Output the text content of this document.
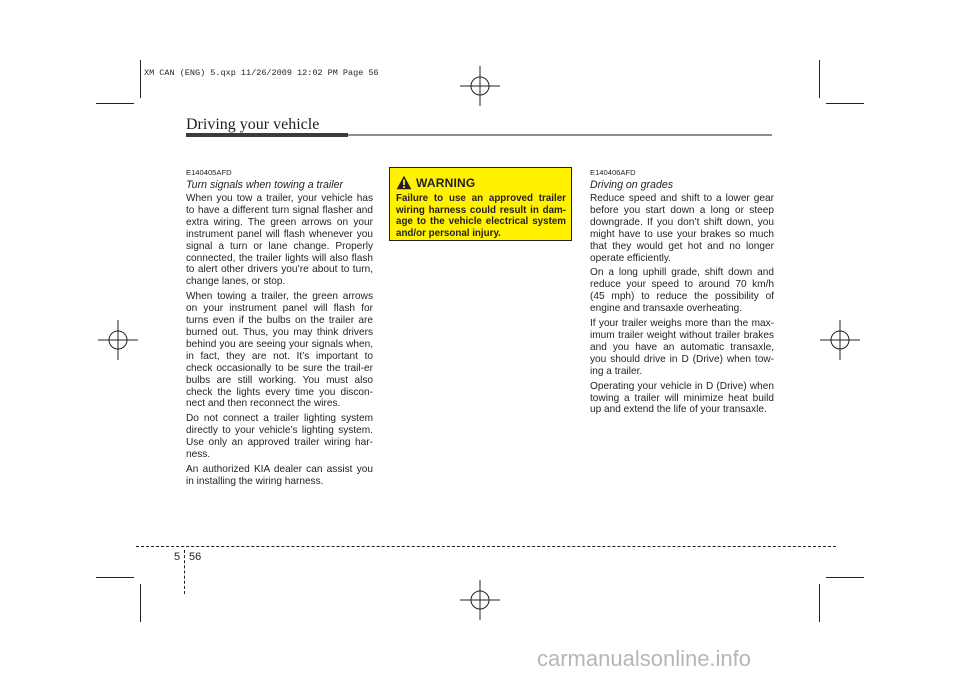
XM CAN (ENG) 5.qxp 11/26/2009 12:02 PM Page 56
Driving your vehicle
E140405AFD
Turn signals when towing a trailer

When you tow a trailer, your vehicle has to have a different turn signal flasher and extra wiring. The green arrows on your instrument panel will flash whenever you signal a turn or lane change. Properly connected, the trailer lights will also flash to alert other drivers you’re about to turn, change lanes, or stop.

When towing a trailer, the green arrows on your instrument panel will flash for turns even if the bulbs on the trailer are burned out. Thus, you may think drivers behind you are seeing your signals when, in fact, they are not. It’s important to check occasionally to be sure the trail-er bulbs are still working. You must also check the lights every time you discon-nect and then reconnect the wires.

Do not connect a trailer lighting system directly to your vehicle’s lighting system. Use only an approved trailer wiring har-ness.

An authorized KIA dealer can assist you in installing the wiring harness.

WARNING
Failure to use an approved trailer wiring harness could result in dam-age to the vehicle electrical system and/or personal injury.
E140406AFD
Driving on grades

Reduce speed and shift to a lower gear before you start down a long or steep downgrade. If you don’t shift down, you might have to use your brakes so much that they would get hot and no longer operate efficiently.

On a long uphill grade, shift down and reduce your speed to around 70 km/h (45 mph) to reduce the possibility of engine and transaxle overheating.

If your trailer weighs more than the max-imum trailer weight without trailer brakes and you have an automatic transaxle, you should drive in D (Drive) when tow-ing a trailer.

Operating your vehicle in D (Drive) when towing a trailer will minimize heat build up and extend the life of your transaxle.

5 56
carmanualsonline.info
